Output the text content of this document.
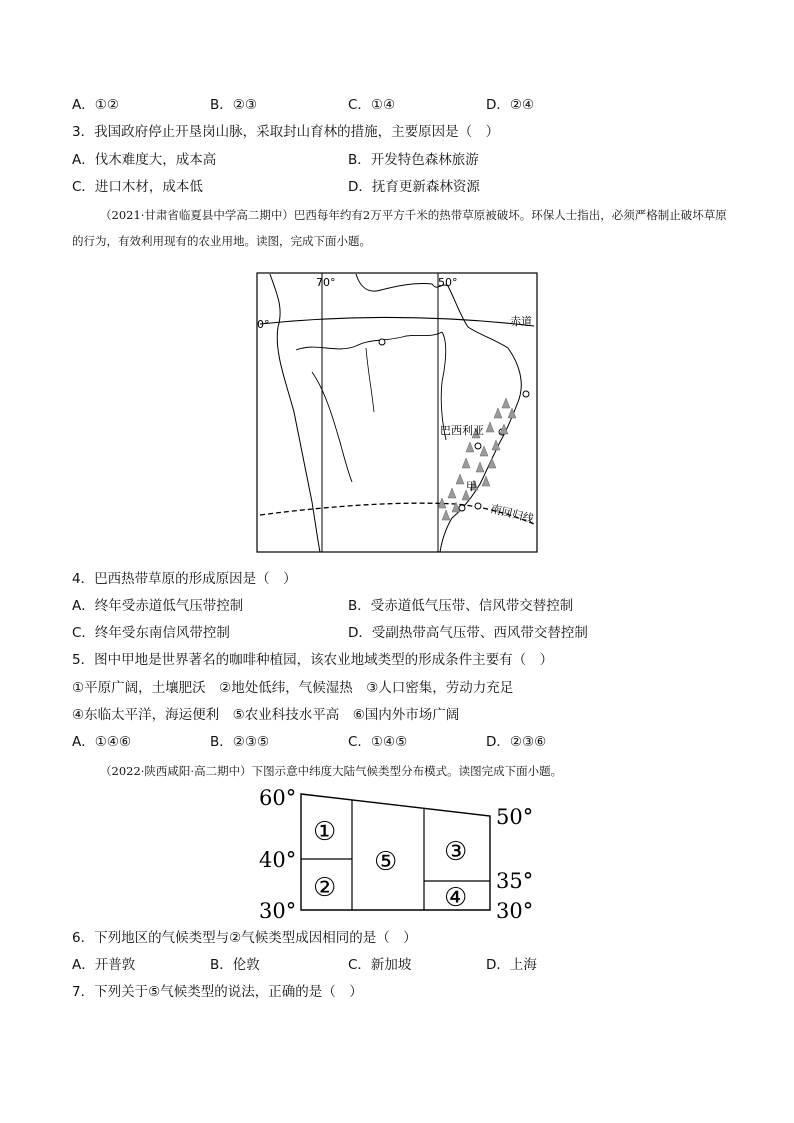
A．①②	B．②③	C．①④	D．②④
3．我国政府停止开垦岗山脉，采取封山育林的措施，主要原因是（　）
A．伐木难度大，成本高	B．开发特色森林旅游
C．进口木材，成本低	D．抚育更新森林资源
（2021·甘肃省临夏县中学高二期中）巴西每年约有2万平方千米的热带草原被破坏。环保人士指出，必须严格制止破坏草原的行为，有效利用现有的农业用地。读图，完成下面小题。
70°	50°
0°	赤道
巴西利亚
甲
南回归线
4．巴西热带草原的形成原因是（　）
A．终年受赤道低气压带控制	B．受赤道低气压带、信风带交替控制
C．终年受东南信风带控制	D．受副热带高气压带、西风带交替控制
5．图中甲地是世界著名的咖啡种植园，该农业地域类型的形成条件主要有（　）
①平原广阔，土壤肥沃　②地处低纬，气候湿热　③人口密集，劳动力充足
④东临太平洋，海运便利　⑤农业科技水平高　⑥国内外市场广阔
A．①④⑥	B．②③⑤	C．①④⑤	D．②③⑥
（2022·陕西咸阳·高二期中）下图示意中纬度大陆气候类型分布模式。读图完成下面小题。
60°
40°
30°
50°
35°
30°
①
②
⑤ ③
④
6．下列地区的气候类型与②气候类型成因相同的是（　）
A．开普敦	B．伦敦	C．新加坡	D．上海
7．下列关于⑤气候类型的说法，正确的是（　）
